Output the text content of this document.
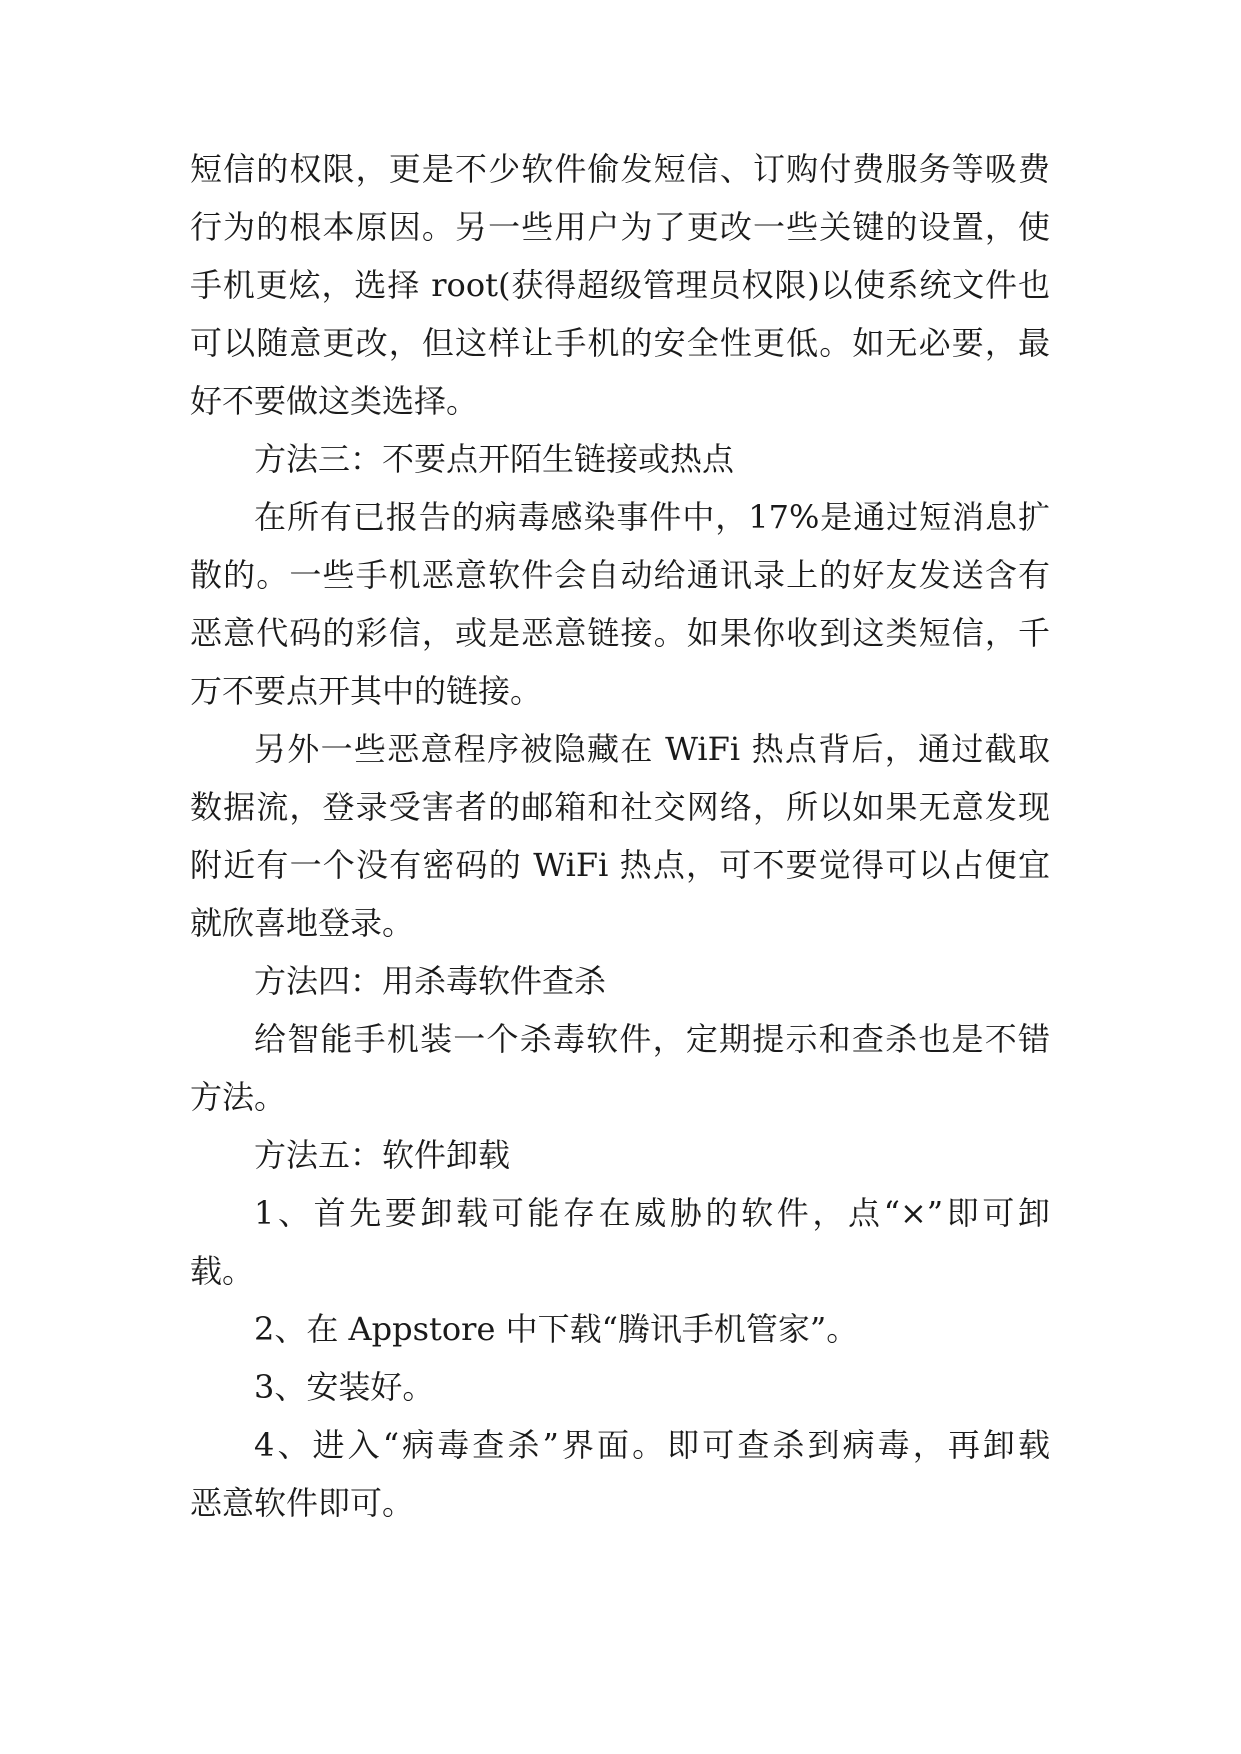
短信的权限，更是不少软件偷发短信、订购付费服务等吸费
行为的根本原因。另一些用户为了更改一些关键的设置，使
手机更炫，选择 root(获得超级管理员权限)以使系统文件也
可以随意更改，但这样让手机的安全性更低。如无必要，最
好不要做这类选择。
方法三：不要点开陌生链接或热点
在所有已报告的病毒感染事件中，17%是通过短消息扩
散的。一些手机恶意软件会自动给通讯录上的好友发送含有
恶意代码的彩信，或是恶意链接。如果你收到这类短信，千
万不要点开其中的链接。
另外一些恶意程序被隐藏在 WiFi 热点背后，通过截取
数据流，登录受害者的邮箱和社交网络，所以如果无意发现
附近有一个没有密码的 WiFi 热点，可不要觉得可以占便宜
就欣喜地登录。
方法四：用杀毒软件查杀
给智能手机装一个杀毒软件，定期提示和查杀也是不错
方法。
方法五：软件卸载
1、首先要卸载可能存在威胁的软件，点“×”即可卸
载。
2、在 Appstore 中下载“腾讯手机管家”。
3、安装好。
4、进入“病毒查杀”界面。即可查杀到病毒，再卸载
恶意软件即可。
